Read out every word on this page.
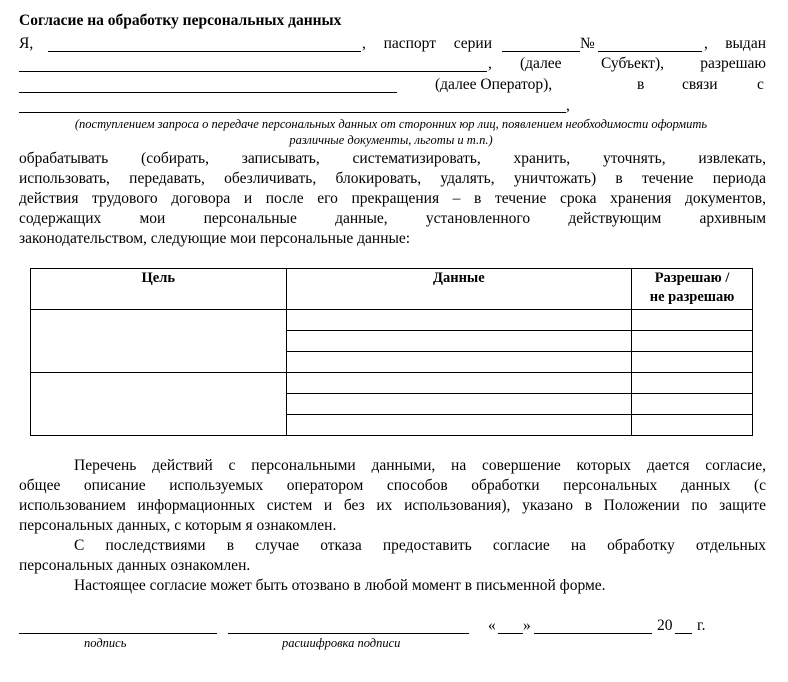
Согласие на обработку персональных данных
Я,	, паспорт серии	№	, выдан
, (далее Субъект),	разрешаю
(далее Оператор),	в связи	с
,
(поступлением запроса о передаче персональных данных от сторонних юр лиц, появлением необходимости оформить
различные документы, льготы и т.п.)
обрабатывать (собирать, записывать, систематизировать, хранить, уточнять, извлекать,
использовать, передавать, обезличивать, блокировать, удалять, уничтожать) в течение периода
действия трудового договора и после его прекращения – в течение срока хранения документов,
содержащих мои персональные данные, установленного действующим архивным
законодательством, следующие мои персональные данные:
Цель	Данные	Разрешаю /
не разрешаю

Перечень действий с персональными данными, на совершение которых дается согласие,
общее описание используемых оператором способов обработки персональных данных (с
использованием информационных систем и без их использования), указано в Положении по защите
персональных данных, с которым я ознакомлен.
С последствиями в случае отказа предоставить согласие на обработку отдельных
персональных данных ознакомлен.
Настоящее согласие может быть отозвано в любой момент в письменной форме.
« »	20 г.
подпись	расшифровка подписи
